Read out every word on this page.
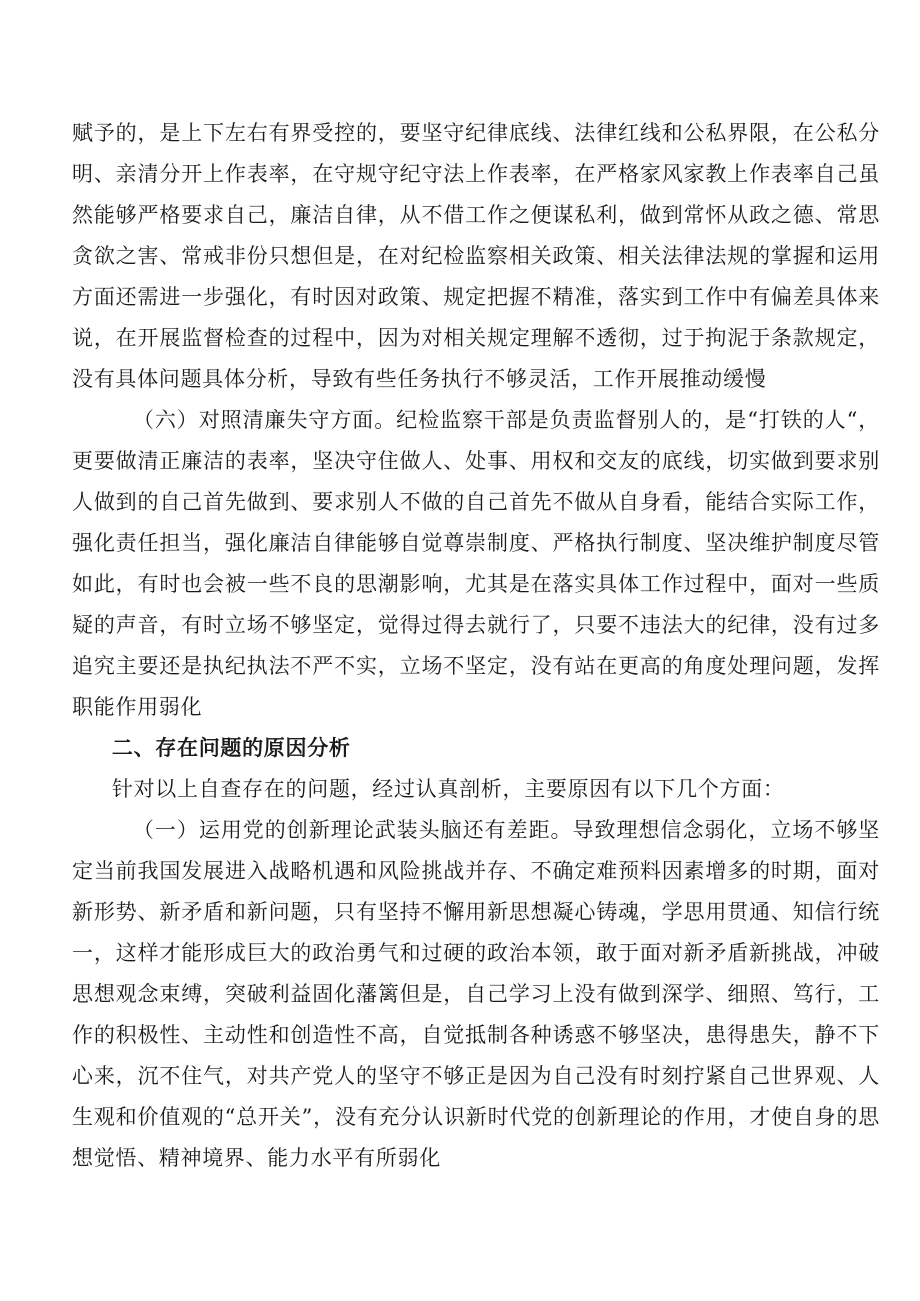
赋予的，是上下左右有界受控的，要坚守纪律底线、法律红线和公私界限，在公私分明、亲清分开上作表率，在守规守纪守法上作表率，在严格家风家教上作表率自己虽然能够严格要求自己，廉洁自律，从不借工作之便谋私利，做到常怀从政之德、常思贪欲之害、常戒非份只想但是，在对纪检监察相关政策、相关法律法规的掌握和运用方面还需进一步强化，有时因对政策、规定把握不精准，落实到工作中有偏差具体来说，在开展监督检查的过程中，因为对相关规定理解不透彻，过于拘泥于条款规定，没有具体问题具体分析，导致有些任务执行不够灵活，工作开展推动缓慢

（六）对照清廉失守方面。纪检监察干部是负责监督别人的，是“打铁的人“，更要做清正廉洁的表率，坚决守住做人、处事、用权和交友的底线，切实做到要求别人做到的自己首先做到、要求别人不做的自己首先不做从自身看，能结合实际工作，强化责任担当，强化廉洁自律能够自觉尊崇制度、严格执行制度、坚决维护制度尽管如此，有时也会被一些不良的思潮影响，尤其是在落实具体工作过程中，面对一些质疑的声音，有时立场不够坚定，觉得过得去就行了，只要不违法大的纪律，没有过多追究主要还是执纪执法不严不实，立场不坚定，没有站在更高的角度处理问题，发挥职能作用弱化

二、存在问题的原因分析

针对以上自查存在的问题，经过认真剖析，主要原因有以下几个方面：

（一）运用党的创新理论武装头脑还有差距。导致理想信念弱化，立场不够坚定当前我国发展进入战略机遇和风险挑战并存、不确定难预料因素增多的时期，面对新形势、新矛盾和新问题，只有坚持不懈用新思想凝心铸魂，学思用贯通、知信行统一，这样才能形成巨大的政治勇气和过硬的政治本领，敢于面对新矛盾新挑战，冲破思想观念束缚，突破利益固化藩篱但是，自己学习上没有做到深学、细照、笃行，工作的积极性、主动性和创造性不高，自觉抵制各种诱惑不够坚决，患得患失，静不下心来，沉不住气，对共产党人的坚守不够正是因为自己没有时刻拧紧自己世界观、人生观和价值观的“总开关”，没有充分认识新时代党的创新理论的作用，才使自身的思想觉悟、精神境界、能力水平有所弱化
